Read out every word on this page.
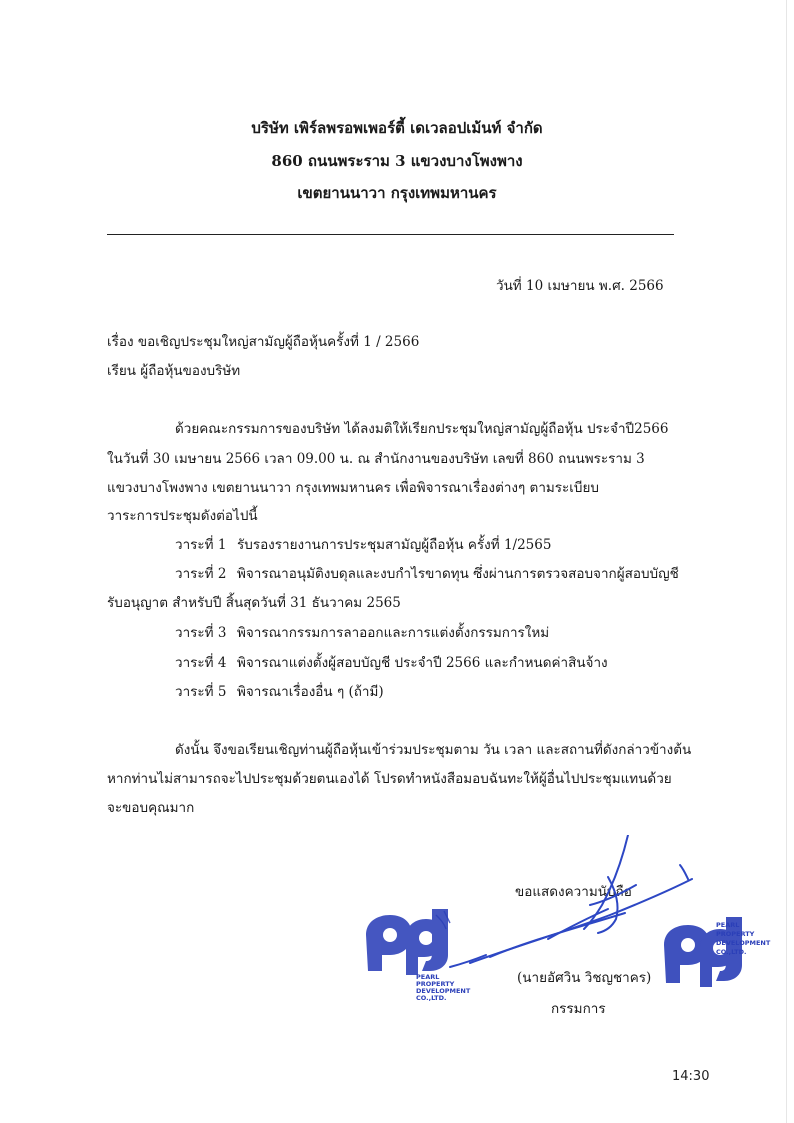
บริษัท เพิร์ลพรอพเพอร์ตี้ เดเวลอปเม้นท์ จำกัด
860 ถนนพระราม 3 แขวงบางโพงพาง
เขตยานนาวา กรุงเทพมหานคร
วันที่ 10 เมษายน พ.ศ. 2566
เรื่อง ขอเชิญประชุมใหญ่สามัญผู้ถือหุ้นครั้งที่ 1 / 2566
เรียน ผู้ถือหุ้นของบริษัท
ด้วยคณะกรรมการของบริษัท ได้ลงมติให้เรียกประชุมใหญ่สามัญผู้ถือหุ้น ประจำปี2566
ในวันที่ 30 เมษายน 2566 เวลา 09.00 น. ณ สำนักงานของบริษัท เลขที่ 860 ถนนพระราม 3
แขวงบางโพงพาง เขตยานนาวา กรุงเทพมหานคร เพื่อพิจารณาเรื่องต่างๆ ตามระเบียบ
วาระการประชุมดังต่อไปนี้
วาระที่ 1 รับรองรายงานการประชุมสามัญผู้ถือหุ้น ครั้งที่ 1/2565
วาระที่ 2 พิจารณาอนุมัติงบดุลและงบกำไรขาดทุน ซึ่งผ่านการตรวจสอบจากผู้สอบบัญชี
รับอนุญาต สำหรับปี สิ้นสุดวันที่ 31 ธันวาคม 2565
วาระที่ 3 พิจารณากรรมการลาออกและการแต่งตั้งกรรมการใหม่
วาระที่ 4 พิจารณาแต่งตั้งผู้สอบบัญชี ประจำปี 2566 และกำหนดค่าสินจ้าง
วาระที่ 5 พิจารณาเรื่องอื่น ๆ (ถ้ามี)
ดังนั้น จึงขอเรียนเชิญท่านผู้ถือหุ้นเข้าร่วมประชุมตาม วัน เวลา และสถานที่ดังกล่าวข้างต้น
หากท่านไม่สามารถจะไปประชุมด้วยตนเองได้ โปรดทำหนังสือมอบฉันทะให้ผู้อื่นไปประชุมแทนด้วย
จะขอบคุณมาก
ขอแสดงความนับถือ
(นายอัศวิน วิชญชาคร)
กรรมการ
PEARL
PROPERTY
DEVELOPMENT
CO.,LTD.
PEARL
PROPERTY
DEVELOPMENT
CO.,LTD.
14:30
